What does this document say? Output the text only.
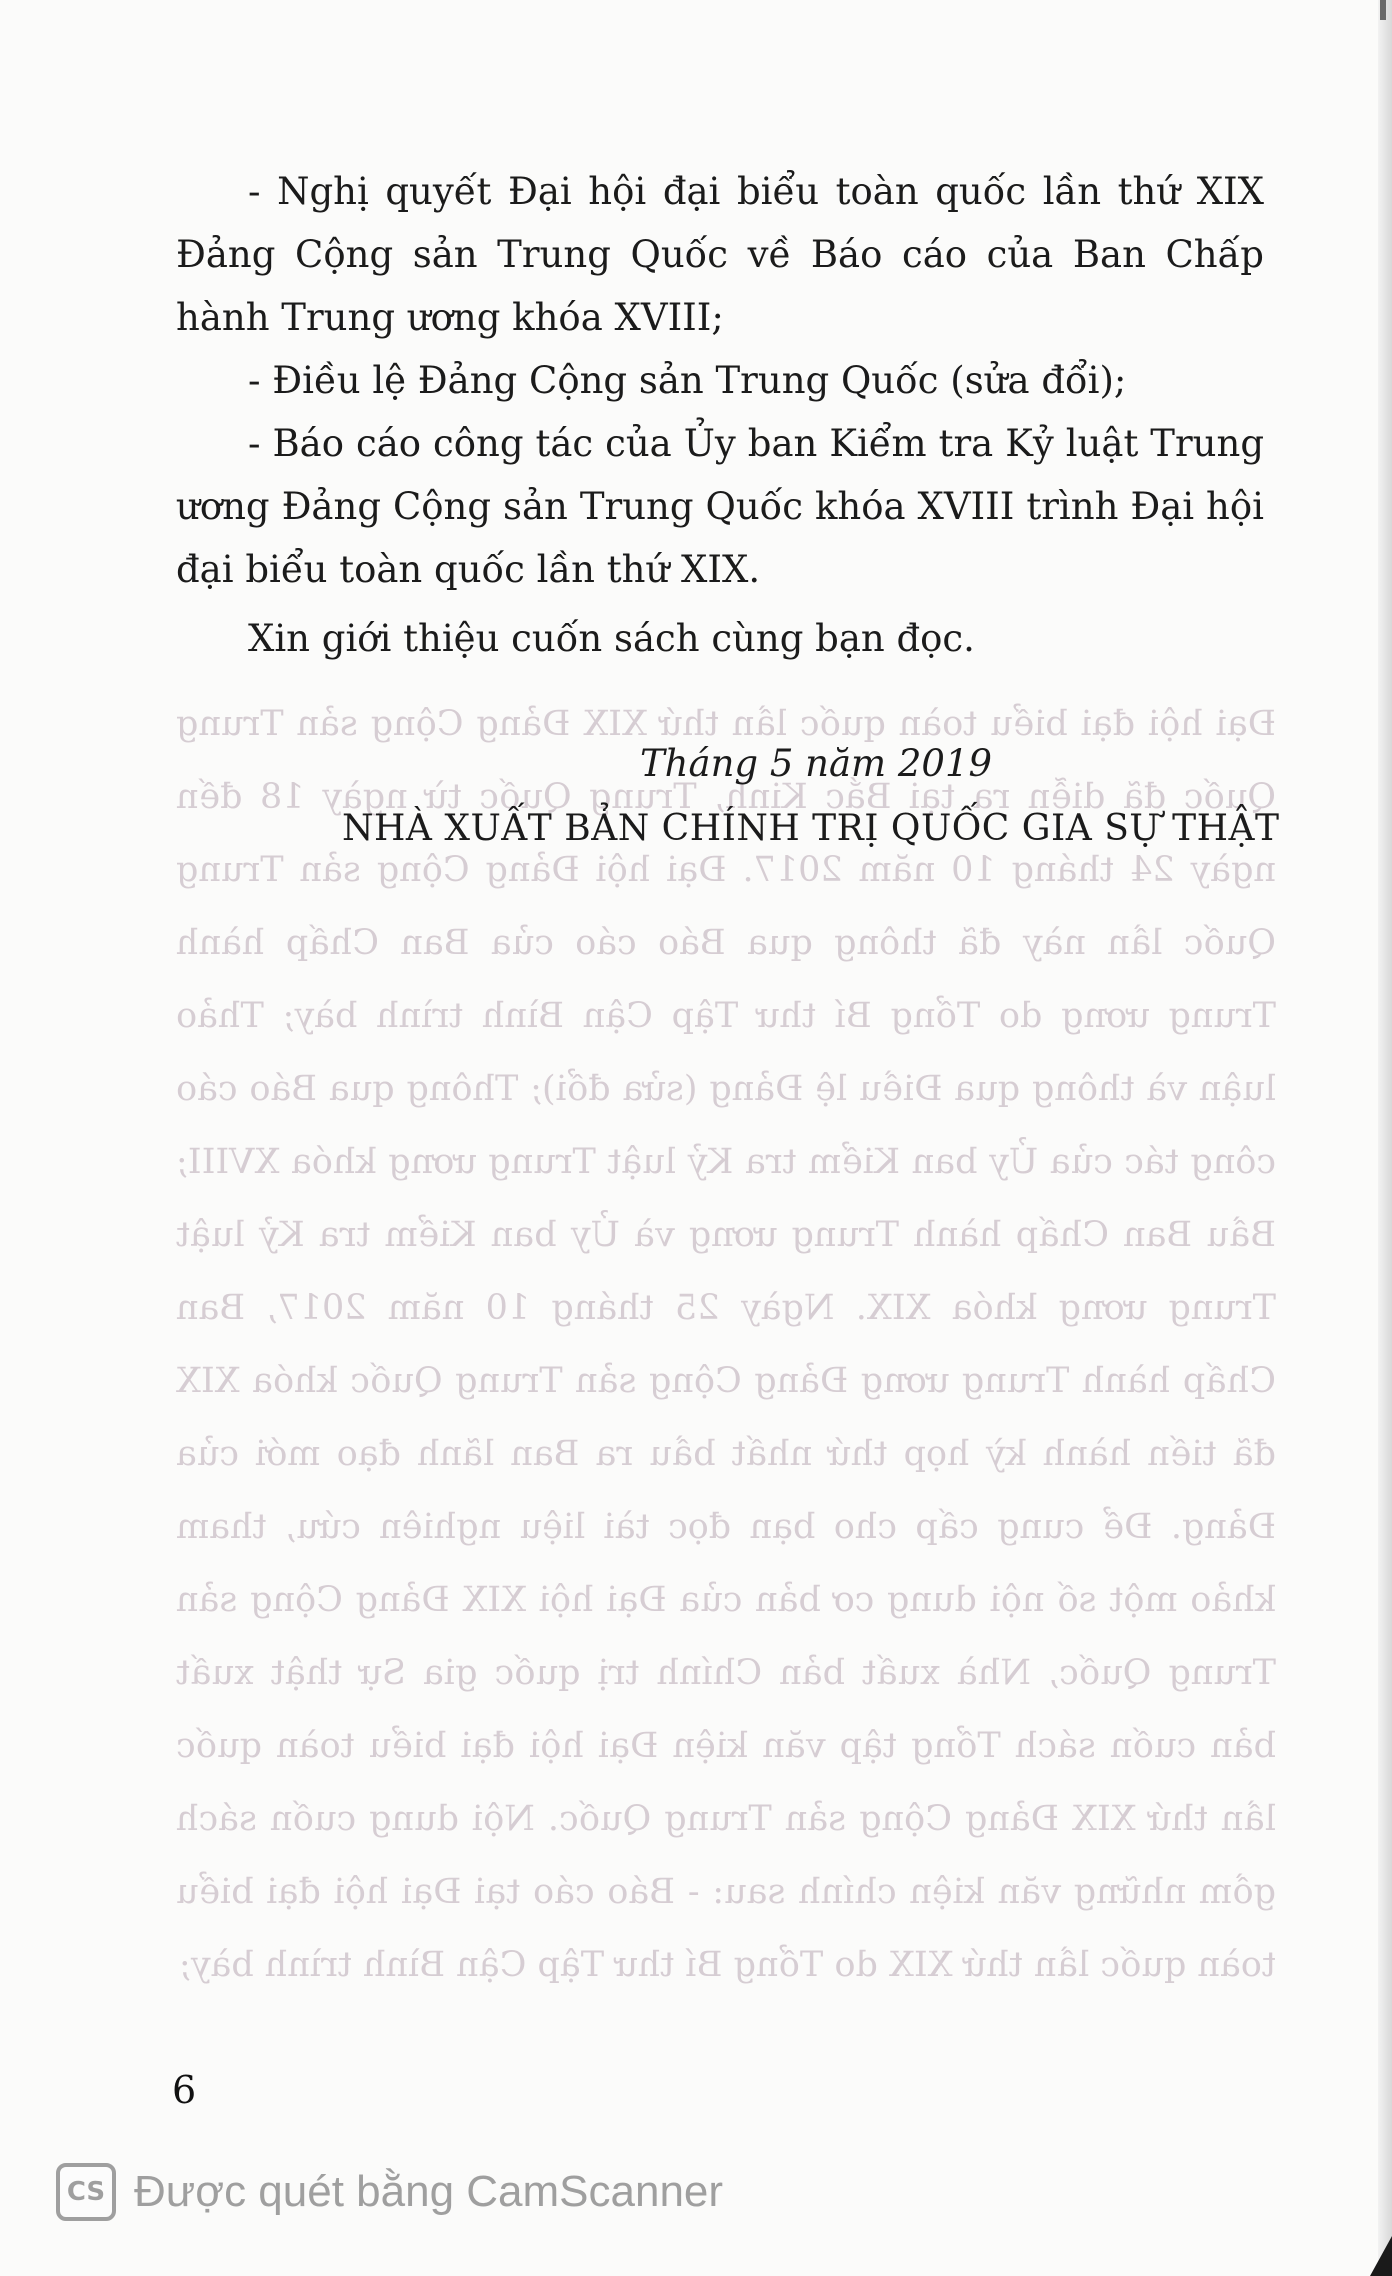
Đại hội đại biểu toàn quốc lần thứ XIX Đảng Cộng sản Trung Quốc đã diễn ra tại Bắc Kinh, Trung Quốc từ ngày 18 đến ngày 24 tháng 10 năm 2017. Đại hội Đảng Cộng sản Trung Quốc lần này đã thông qua Báo cáo của Ban Chấp hành Trung ương do Tổng Bí thư Tập Cận Bình trình bày; Thảo luận và thông qua Điều lệ Đảng (sửa đổi); Thông qua Báo cáo công tác của Ủy ban Kiểm tra Kỷ luật Trung ương khóa XVIII; Bầu Ban Chấp hành Trung ương và Ủy ban Kiểm tra Kỷ luật Trung ương khóa XIX. Ngày 25 tháng 10 năm 2017, Ban Chấp hành Trung ương Đảng Cộng sản Trung Quốc khóa XIX đã tiến hành kỳ họp thứ nhất bầu ra Ban lãnh đạo mới của Đảng. Để cung cấp cho bạn đọc tài liệu nghiên cứu, tham khảo một số nội dung cơ bản của Đại hội XIX Đảng Cộng sản Trung Quốc, Nhà xuất bản Chính trị quốc gia Sự thật xuất bản cuốn sách Tổng tập văn kiện Đại hội đại biểu toàn quốc lần thứ XIX Đảng Cộng sản Trung Quốc. Nội dung cuốn sách gồm những văn kiện chính sau: - Báo cáo tại Đại hội đại biểu toàn quốc lần thứ XIX do Tổng Bí thư Tập Cận Bình trình bày;

- Nghị quyết Đại hội đại biểu toàn quốc lần thứ XIX Đảng Cộng sản Trung Quốc về Báo cáo của Ban Chấp hành Trung ương khóa XVIII;

- Điều lệ Đảng Cộng sản Trung Quốc (sửa đổi);

- Báo cáo công tác của Ủy ban Kiểm tra Kỷ luật Trung ương Đảng Cộng sản Trung Quốc khóa XVIII trình Đại hội đại biểu toàn quốc lần thứ XIX.

Xin giới thiệu cuốn sách cùng bạn đọc.

Tháng 5 năm 2019
NHÀ XUẤT BẢN CHÍNH TRỊ QUỐC GIA SỰ THẬT
6
CS Được quét bằng CamScanner
